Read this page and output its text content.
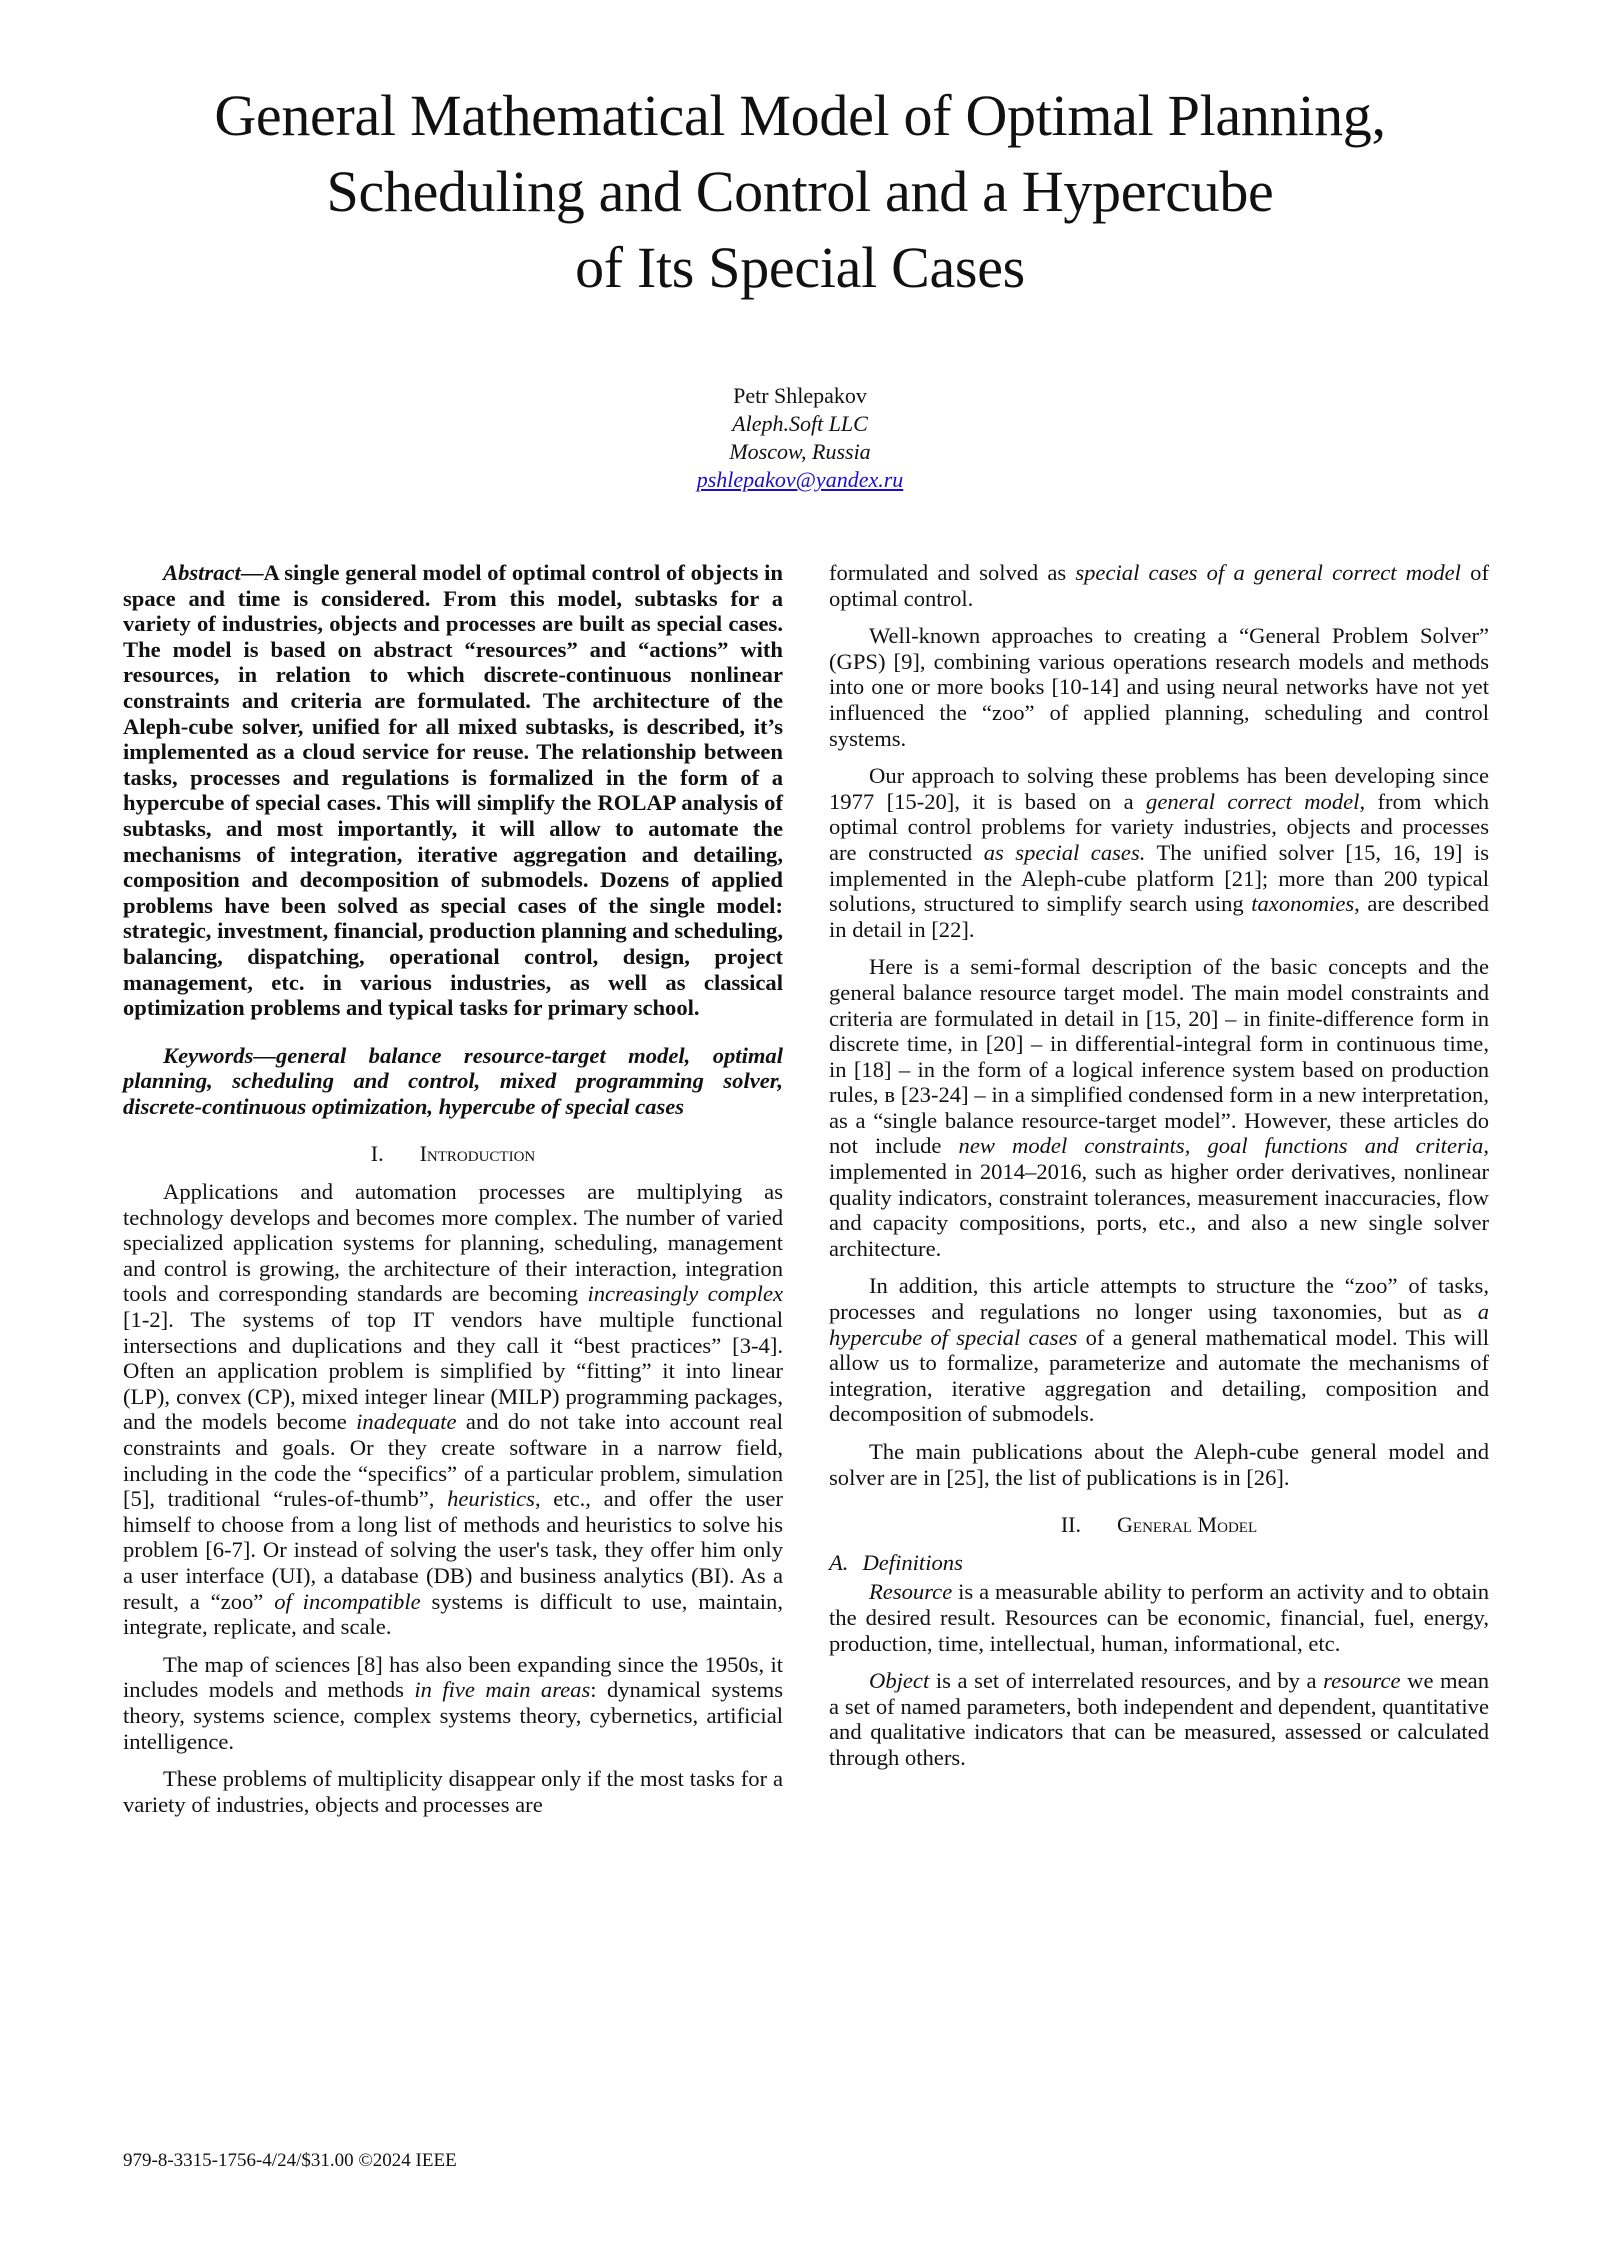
General Mathematical Model of Optimal Planning,
Scheduling and Control and a Hypercube
of Its Special Cases
Petr Shlepakov
Aleph.Soft LLC
Moscow, Russia
pshlepakov@yandex.ru

Abstract—A single general model of optimal control of objects in space and time is considered. From this model, subtasks for a variety of industries, objects and processes are built as special cases. The model is based on abstract “resources” and “actions” with resources, in relation to which discrete-continuous nonlinear constraints and criteria are formulated. The architecture of the Aleph-cube solver, unified for all mixed subtasks, is described, it’s implemented as a cloud service for reuse. The relationship between tasks, processes and regulations is formalized in the form of a hypercube of special cases. This will simplify the ROLAP analysis of subtasks, and most importantly, it will allow to automate the mechanisms of integration, iterative aggregation and detailing, composition and decomposition of submodels. Dozens of applied problems have been solved as special cases of the single model: strategic, investment, financial, production planning and scheduling, balancing, dispatching, operational control, design, project management, etc. in various industries, as well as classical optimization problems and typical tasks for primary school.

Keywords—general balance resource-target model, optimal planning, scheduling and control, mixed programming solver, discrete-continuous optimization, hypercube of special cases

I. Introduction

Applications and automation processes are multiplying as technology develops and becomes more complex. The number of varied specialized application systems for planning, scheduling, management and control is growing, the architecture of their interaction, integration tools and corresponding standards are becoming increasingly complex [1-2]. The systems of top IT vendors have multiple functional intersections and duplications and they call it “best practices” [3-4]. Often an application problem is simplified by “fitting” it into linear (LP), convex (CP), mixed integer linear (MILP) programming packages, and the models become inadequate and do not take into account real constraints and goals. Or they create software in a narrow field, including in the code the “specifics” of a particular problem, simulation [5], traditional “rules-of-thumb”, heuristics, etc., and offer the user himself to choose from a long list of methods and heuristics to solve his problem [6-7]. Or instead of solving the user's task, they offer him only a user interface (UI), a database (DB) and business analytics (BI). As a result, a “zoo” of incompatible systems is difficult to use, maintain, integrate, replicate, and scale.

The map of sciences [8] has also been expanding since the 1950s, it includes models and methods in five main areas: dynamical systems theory, systems science, complex systems theory, cybernetics, artificial intelligence.

These problems of multiplicity disappear only if the most tasks for a variety of industries, objects and processes are

formulated and solved as special cases of a general correct model of optimal control.

Well-known approaches to creating a “General Problem Solver” (GPS) [9], combining various operations research models and methods into one or more books [10-14] and using neural networks have not yet influenced the “zoo” of applied planning, scheduling and control systems.

Our approach to solving these problems has been developing since 1977 [15-20], it is based on a general correct model, from which optimal control problems for variety industries, objects and processes are constructed as special cases. The unified solver [15, 16, 19] is implemented in the Aleph-cube platform [21]; more than 200 typical solutions, structured to simplify search using taxonomies, are described in detail in [22].

Here is a semi-formal description of the basic concepts and the general balance resource target model. The main model constraints and criteria are formulated in detail in [15, 20] – in finite-difference form in discrete time, in [20] – in differential-integral form in continuous time, in [18] – in the form of a logical inference system based on production rules, в [23-24] – in a simplified condensed form in a new interpretation, as a “single balance resource-target model”. However, these articles do not include new model constraints, goal functions and criteria, implemented in 2014–2016, such as higher order derivatives, nonlinear quality indicators, constraint tolerances, measurement inaccuracies, flow and capacity compositions, ports, etc., and also a new single solver architecture.

In addition, this article attempts to structure the “zoo” of tasks, processes and regulations no longer using taxonomies, but as a hypercube of special cases of a general mathematical model. This will allow us to formalize, parameterize and automate the mechanisms of integration, iterative aggregation and detailing, composition and decomposition of submodels.

The main publications about the Aleph-cube general model and solver are in [25], the list of publications is in [26].

II. General Model
A. Definitions

Resource is a measurable ability to perform an activity and to obtain the desired result. Resources can be economic, financial, fuel, energy, production, time, intellectual, human, informational, etc.

Object is a set of interrelated resources, and by a resource we mean a set of named parameters, both independent and dependent, quantitative and qualitative indicators that can be measured, assessed or calculated through others.

979-8-3315-1756-4/24/$31.00 ©2024 IEEE
